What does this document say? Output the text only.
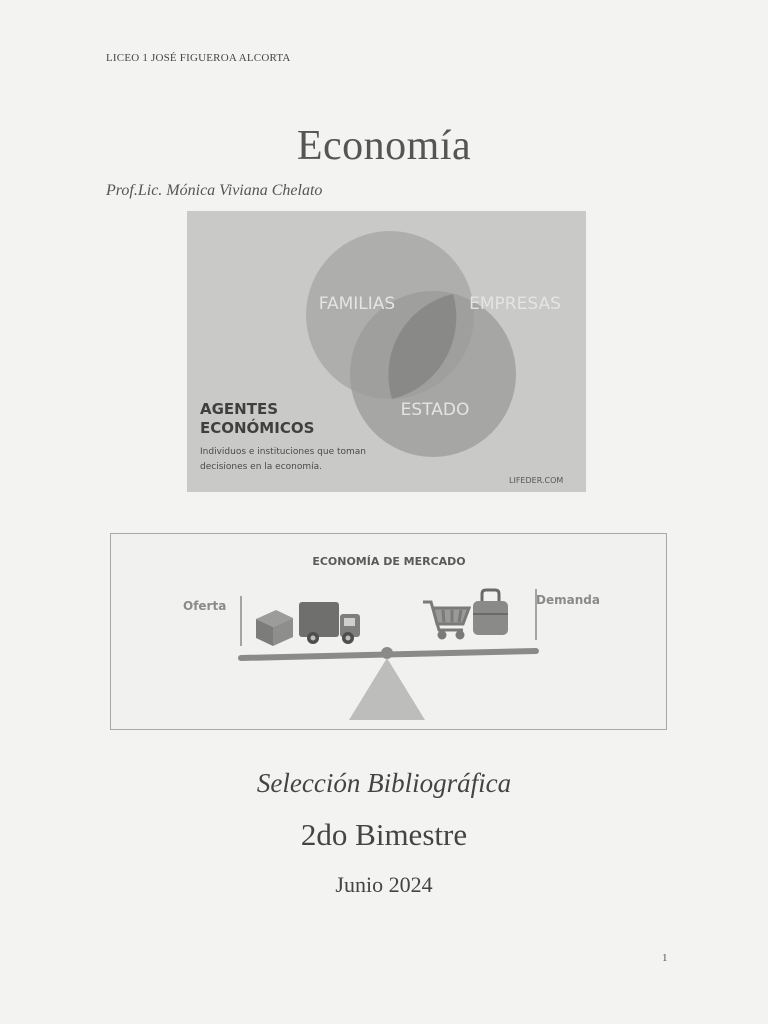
LICEO 1 JOSÉ FIGUEROA ALCORTA
Economía
Prof.Lic. Mónica Viviana Chelato
FAMILIAS	EMPRESAS
ESTADO
AGENTES
ECONÓMICOS
Individuos e instituciones que toman
decisiones en la economía.
LIFEDER.COM
ECONOMÍA DE MERCADO
Oferta	Demanda
Selección Bibliográfica
2do Bimestre
Junio 2024
1
